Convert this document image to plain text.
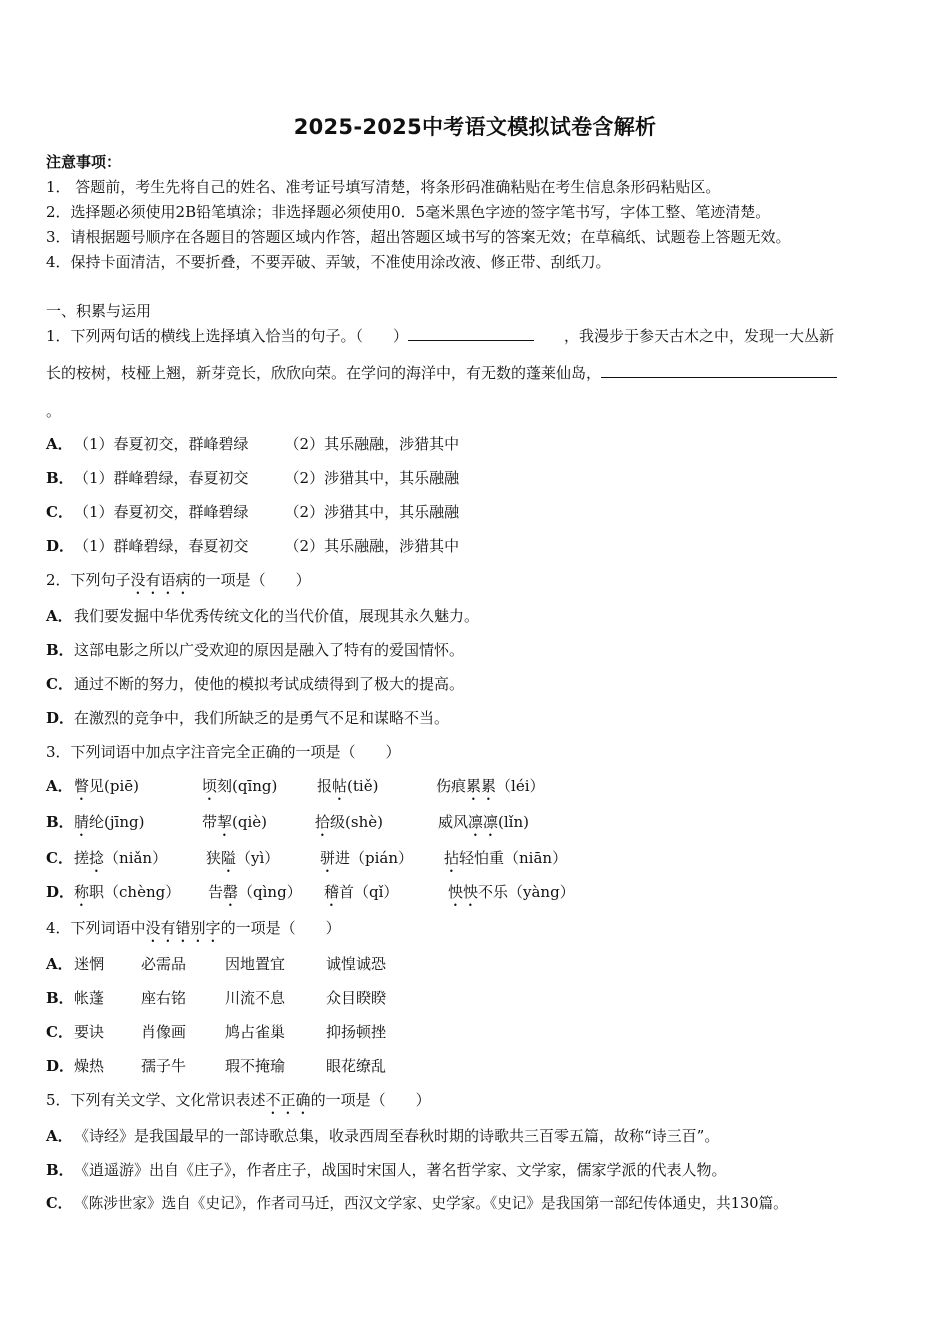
2025-2025中考语文模拟试卷含解析
注意事项：
1． 答题前，考生先将自己的姓名、准考证号填写清楚，将条形码准确粘贴在考生信息条形码粘贴区。
2．选择题必须使用2B铅笔填涂；非选择题必须使用0．5毫米黑色字迹的签字笔书写，字体工整、笔迹清楚。
3．请根据题号顺序在各题目的答题区域内作答，超出答题区域书写的答案无效；在草稿纸、试题卷上答题无效。
4．保持卡面清洁，不要折叠，不要弄破、弄皱，不准使用涂改液、修正带、刮纸刀。
一、积累与运用
1．下列两句话的横线上选择填入恰当的句子。（　　）	，我漫步于参天古木之中，发现一大丛新
长的桉树，枝桠上翘，新芽竞长，欣欣向荣。在学问的海洋中，有无数的蓬莱仙岛，
。
A．（1）春夏初交，群峰碧绿 （2）其乐融融，涉猎其中
B．（1）群峰碧绿，春夏初交 （2）涉猎其中，其乐融融
C．（1）春夏初交，群峰碧绿 （2）涉猎其中，其乐融融
D．（1）群峰碧绿，春夏初交 （2）其乐融融，涉猎其中
2．下列句子没有语病的一项是（　　）
A．我们要发掘中华优秀传统文化的当代价值，展现其永久魅力。
B．这部电影之所以广受欢迎的原因是融入了特有的爱国情怀。
C．通过不断的努力，使他的模拟考试成绩得到了极大的提高。
D．在激烈的竞争中，我们所缺乏的是勇气不足和谋略不当。
3．下列词语中加点字注音完全正确的一项是（　　）
A． 瞥见(piē)	顷刻(qīng)	报帖(tiě)	伤痕累累（léi）
B． 腈纶(jīng)	带挈(qiè)	拾级(shè)	威风凛凛(lǐn)
C． 搓捻（niǎn）	狭隘（yì）	骈进（pián） 拈轻怕重（niān）
D． 称职（chèng） 告罄（qìng） 稽首（qǐ）	怏怏不乐（yàng）
4．下列词语中没有错别字的一项是（　　）
A． 迷惘 必需品	因地置宜	诚惶诚恐
B． 帐蓬 座右铭	川流不息	众目睽睽
C． 要诀 肖像画	鸠占雀巢	抑扬顿挫
D． 燥热 孺子牛	瑕不掩瑜	眼花缭乱
5．下列有关文学、文化常识表述不正确的一项是（　　）
A．《诗经》是我国最早的一部诗歌总集，收录西周至春秋时期的诗歌共三百零五篇，故称“诗三百”。
B．《逍遥游》出自《庄子》，作者庄子，战国时宋国人，著名哲学家、文学家，儒家学派的代表人物。
C． 《陈涉世家》选自《史记》，作者司马迁，西汉文学家、史学家。《史记》是我国第一部纪传体通史，共130篇。
